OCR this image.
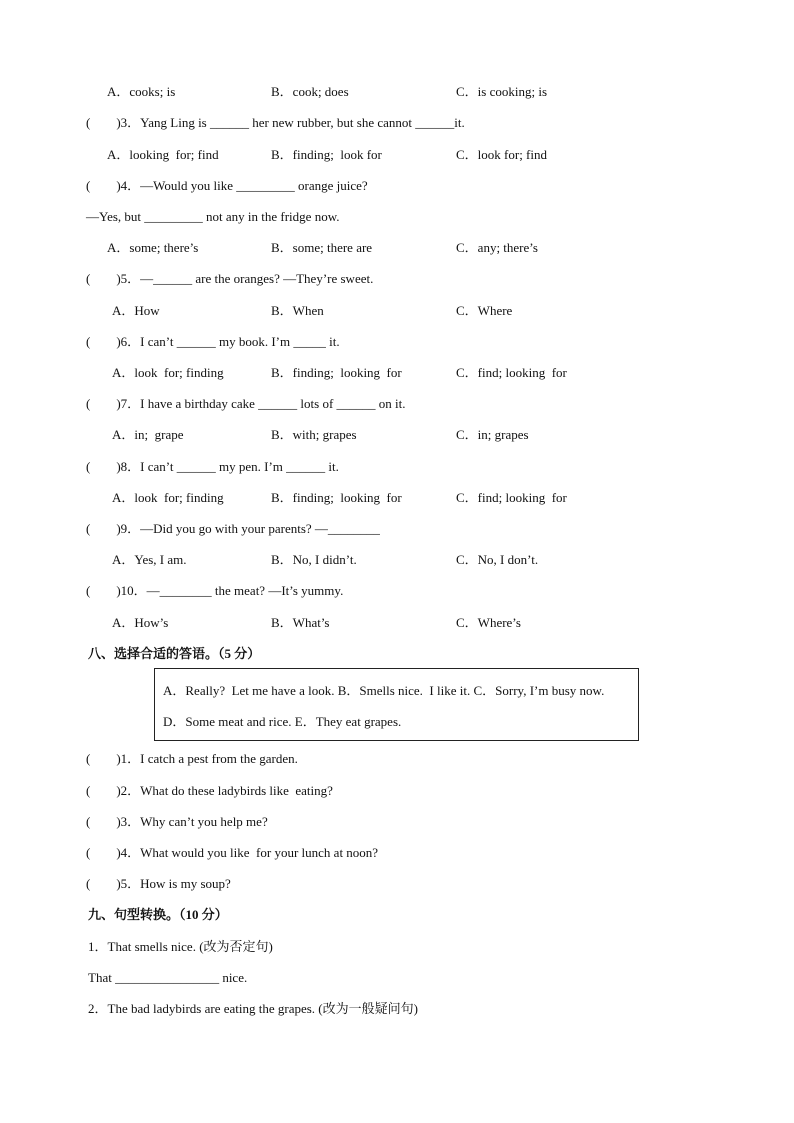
A．cooks; is	B．cook; does	C．is cooking; is
(        )3．Yang Ling is ______ her new rubber, but she cannot ______it.
A．looking  for; find	B．finding;  look for	C．look for; find
(        )4．—Would you like _________ orange juice?
—Yes, but _________ not any in the fridge now.
A．some; there’s	B．some; there are	C．any; there’s
(        )5．—______ are the oranges? —They’re sweet.
A．How	B．When	C．Where
(        )6．I can’t ______ my book. I’m _____ it.
A．look  for; finding	B．finding;  looking  for	C．find; looking  for
(        )7．I have a birthday cake ______ lots of ______ on it.
A．in;  grape	B．with; grapes	C．in; grapes
(        )8．I can’t ______ my pen. I’m ______ it.
A．look  for; finding	B．finding;  looking  for	C．find; looking  for
(        )9．—Did you go with your parents? —________
A．Yes, I am.	B．No, I didn’t.	C．No, I don’t.
(        )10．—________ the meat? —It’s yummy.
A．How’s	B．What’s	C．Where’s
八、选择合适的答语。（5 分）
A．Really?  Let me have a look. B．Smells nice.  I like it. C．Sorry, I’m busy now.
D．Some meat and rice. E．They eat grapes.
(        )1．I catch a pest from the garden.
(        )2．What do these ladybirds like  eating?
(        )3．Why can’t you help me?
(        )4．What would you like  for your lunch at noon?
(        )5．How is my soup?
九、句型转换。（10 分）
1．That smells nice. (改为否定句)
That ________________ nice.
2．The bad ladybirds are eating the grapes. (改为一般疑问句)
